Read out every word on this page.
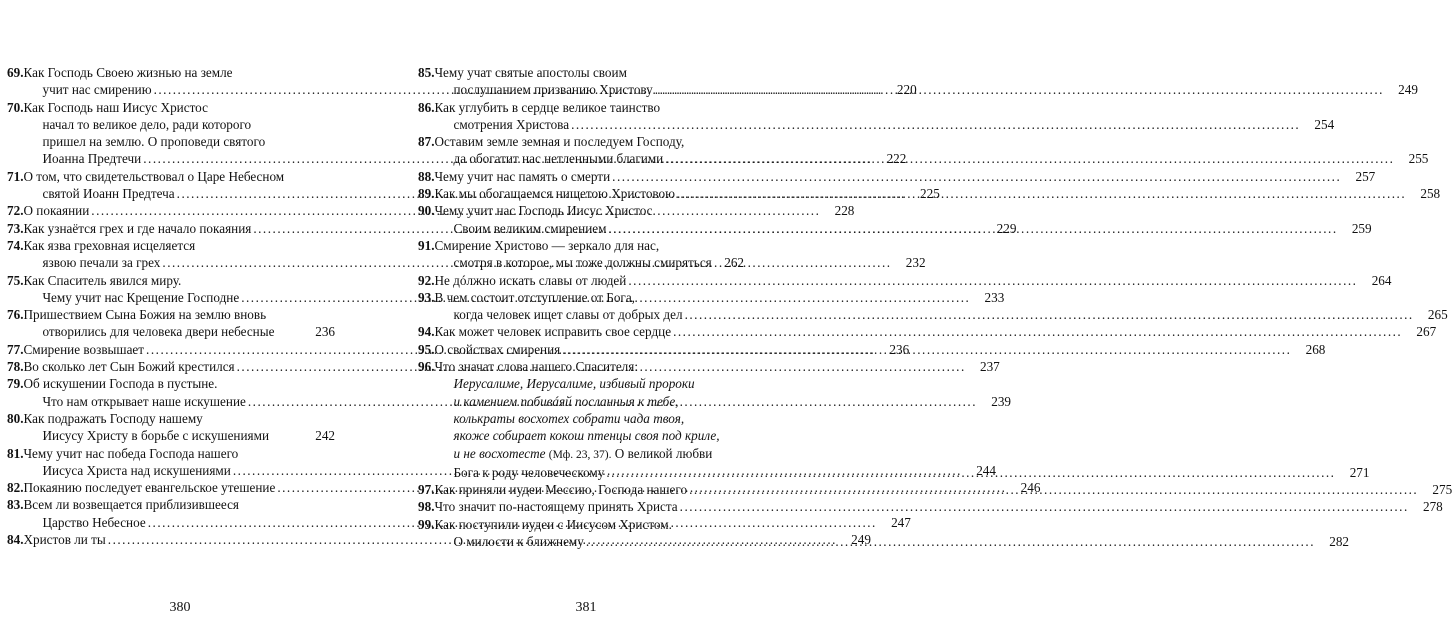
69. Как Господь Своею жизнью на земле
учит нас смирению .....	220
70. Как Господь наш Иисус Христос
начал то великое дело, ради которого
пришел на землю. О проповеди святого
Иоанна Предтечи .....	222
71. О том, что свидетельствовал о Царе Небесном
святой Иоанн Предтеча .....	225
72. О покаянии .....	228
73. Как узнаётся грех и где начало покаяния .....	229
74. Как язва греховная исцеляется
язвою печали за грех .....	232
75. Как Спаситель явился миру.
Чему учит нас Крещение Господне .....	233
76. Пришествием Сына Божия на землю вновь
отворились для человека двери небесные	236
77. Смирение возвышает .....	236
78. Во сколько лет Сын Божий крестился .....	237
79. Об искушении Господа в пустыне.
Что нам открывает наше искушение .....	239
80. Как подражать Господу нашему
Иисусу Христу в борьбе с искушениями	242
81. Чему учит нас победа Господа нашего
Иисуса Христа над искушениями .....	244
82. Покаянию последует евангельское утешение .....	246
83. Всем ли возвещается приблизившееся
Царство Небесное .....	247
84. Христов ли ты .....	249
85. Чему учат святые апостолы своим
послушанием призванию Христову .....	249
86. Как углубить в сердце великое таинство
смотрения Христова .....	254
87. Оставим земле земная и последуем Господу,
да обогатит нас нетленными благими .....	255
88. Чему учит нас память о смерти .....	257
89. Как мы обогащаемся нищетою Христовою .....	258
90. Чему учит нас Господь Иисус Христос
Своим великим смирением .....	259
91. Смирение Христово — зеркало для нас,
смотря в которое, мы тоже должны смиряться 262
92. Не дóлжно искать славы от людей .....	264
93. В чем состоит отступление от Бога,
когда человек ищет славы от добрых дел .....	265
94. Как может человек исправить свое сердце .....	267
95. О свойствах смирения .....	268
96. Что значат слова нашего Спасителя:
Иерусалиме, Иерусалиме, избивый пророки
и камением побивáяй посланныя к тебе,
колькраты восхотех собрати чада твоя,
якоже собирает кокош птенцы своя под криле,
и не восхотесте
(Мф. 23, 37).
О великой любви
Бога к роду человеческому .....	271
97. Как приняли иудеи Мессию, Господа нашего .....	275
98. Что значит по-настоящему принять Христа .....	278
99. Как поступили иудеи с Иисусом Христом.
О милости к ближнему .....	282
380	381
